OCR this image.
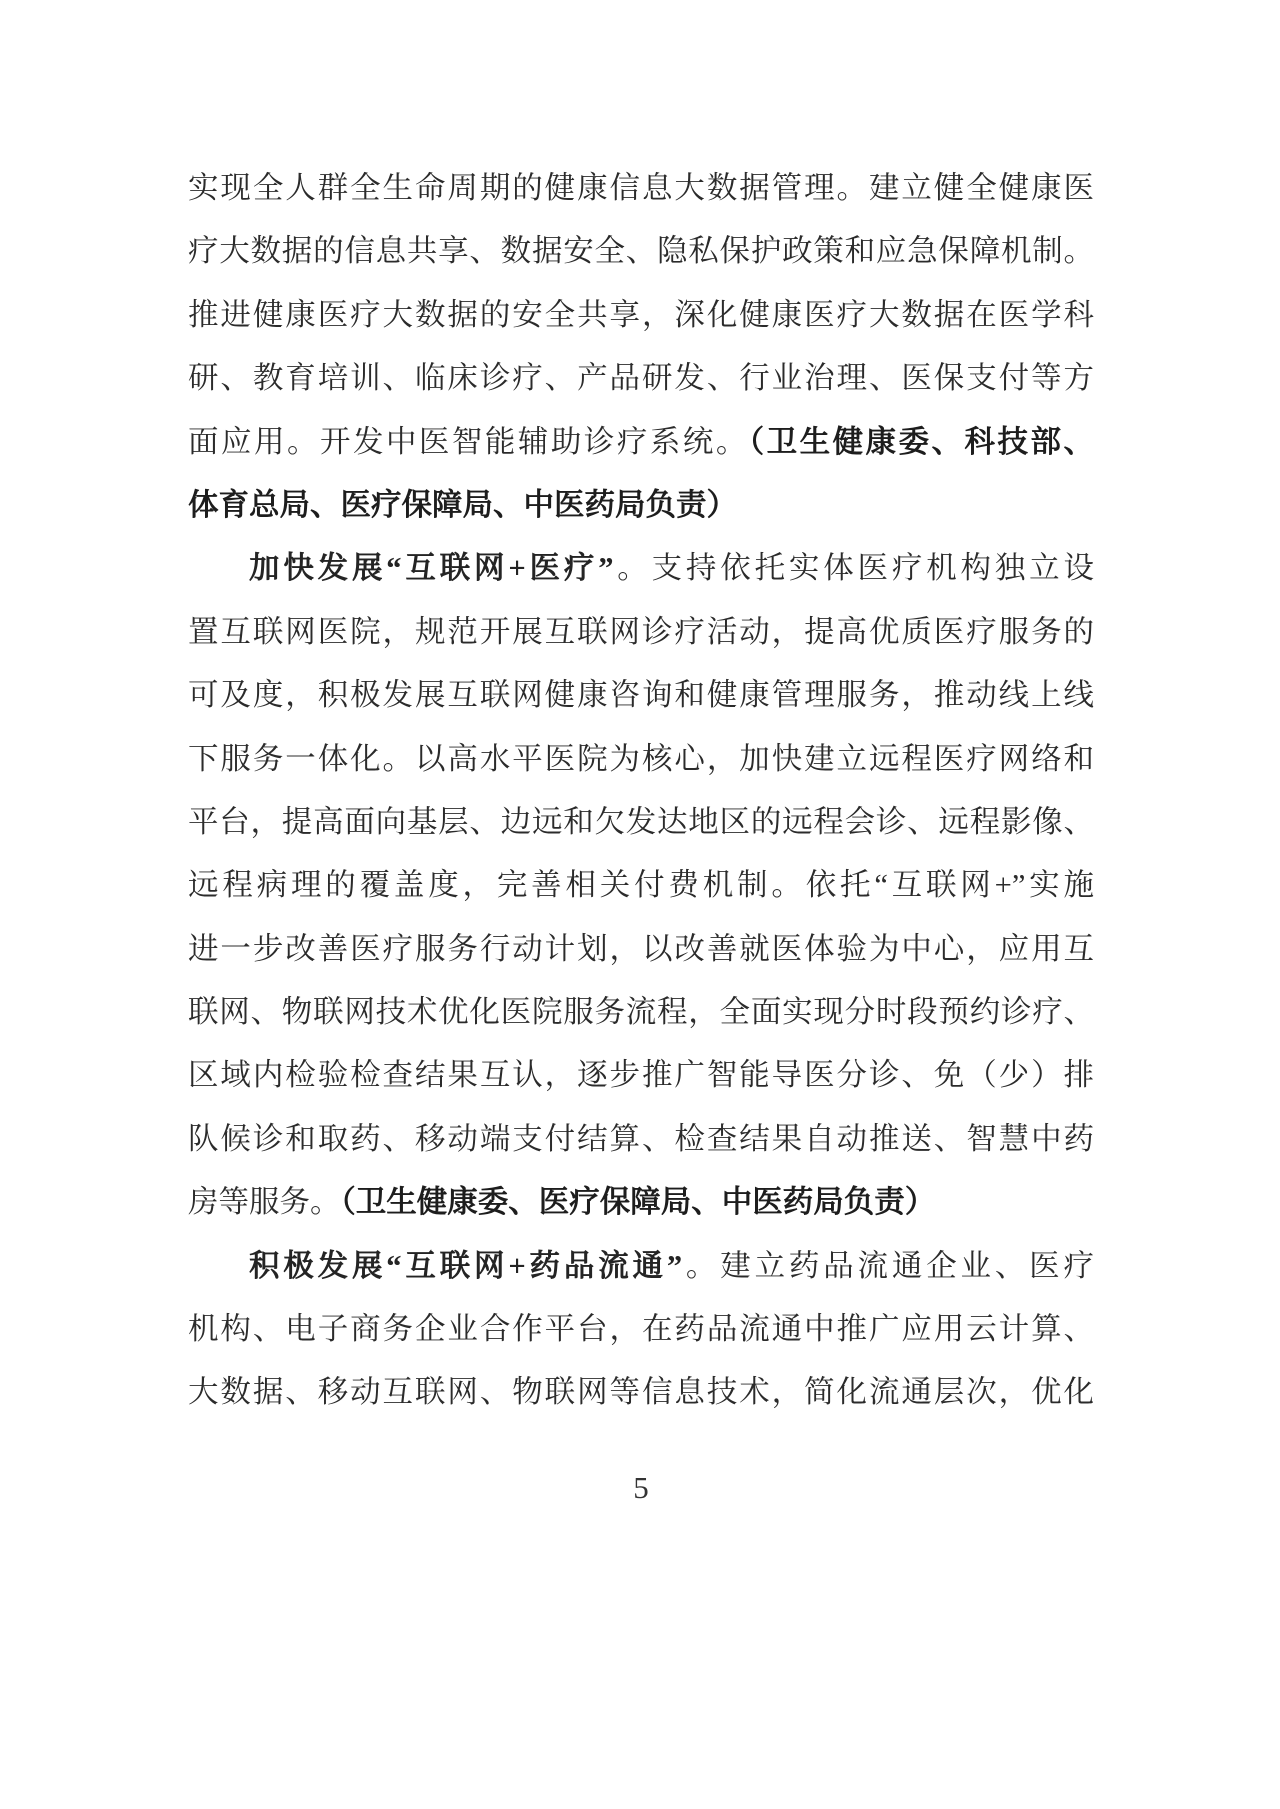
实现全人群全生命周期的健康信息大数据管理。建立健全健康医
疗大数据的信息共享、数据安全、隐私保护政策和应急保障机制。
推进健康医疗大数据的安全共享，深化健康医疗大数据在医学科
研、教育培训、临床诊疗、产品研发、行业治理、医保支付等方
面应用。开发中医智能辅助诊疗系统。（卫生健康委、科技部、
体育总局、医疗保障局、中医药局负责）
加快发展“互联网+医疗”。支持依托实体医疗机构独立设
置互联网医院，规范开展互联网诊疗活动，提高优质医疗服务的
可及度，积极发展互联网健康咨询和健康管理服务，推动线上线
下服务一体化。以高水平医院为核心，加快建立远程医疗网络和
平台，提高面向基层、边远和欠发达地区的远程会诊、远程影像、
远程病理的覆盖度，完善相关付费机制。依托“互联网+”实施
进一步改善医疗服务行动计划，以改善就医体验为中心，应用互
联网、物联网技术优化医院服务流程，全面实现分时段预约诊疗、
区域内检验检查结果互认，逐步推广智能导医分诊、免（少）排
队候诊和取药、移动端支付结算、检查结果自动推送、智慧中药
房等服务。（卫生健康委、医疗保障局、中医药局负责）
积极发展“互联网+药品流通”。建立药品流通企业、医疗
机构、电子商务企业合作平台，在药品流通中推广应用云计算、
大数据、移动互联网、物联网等信息技术，简化流通层次，优化
5
